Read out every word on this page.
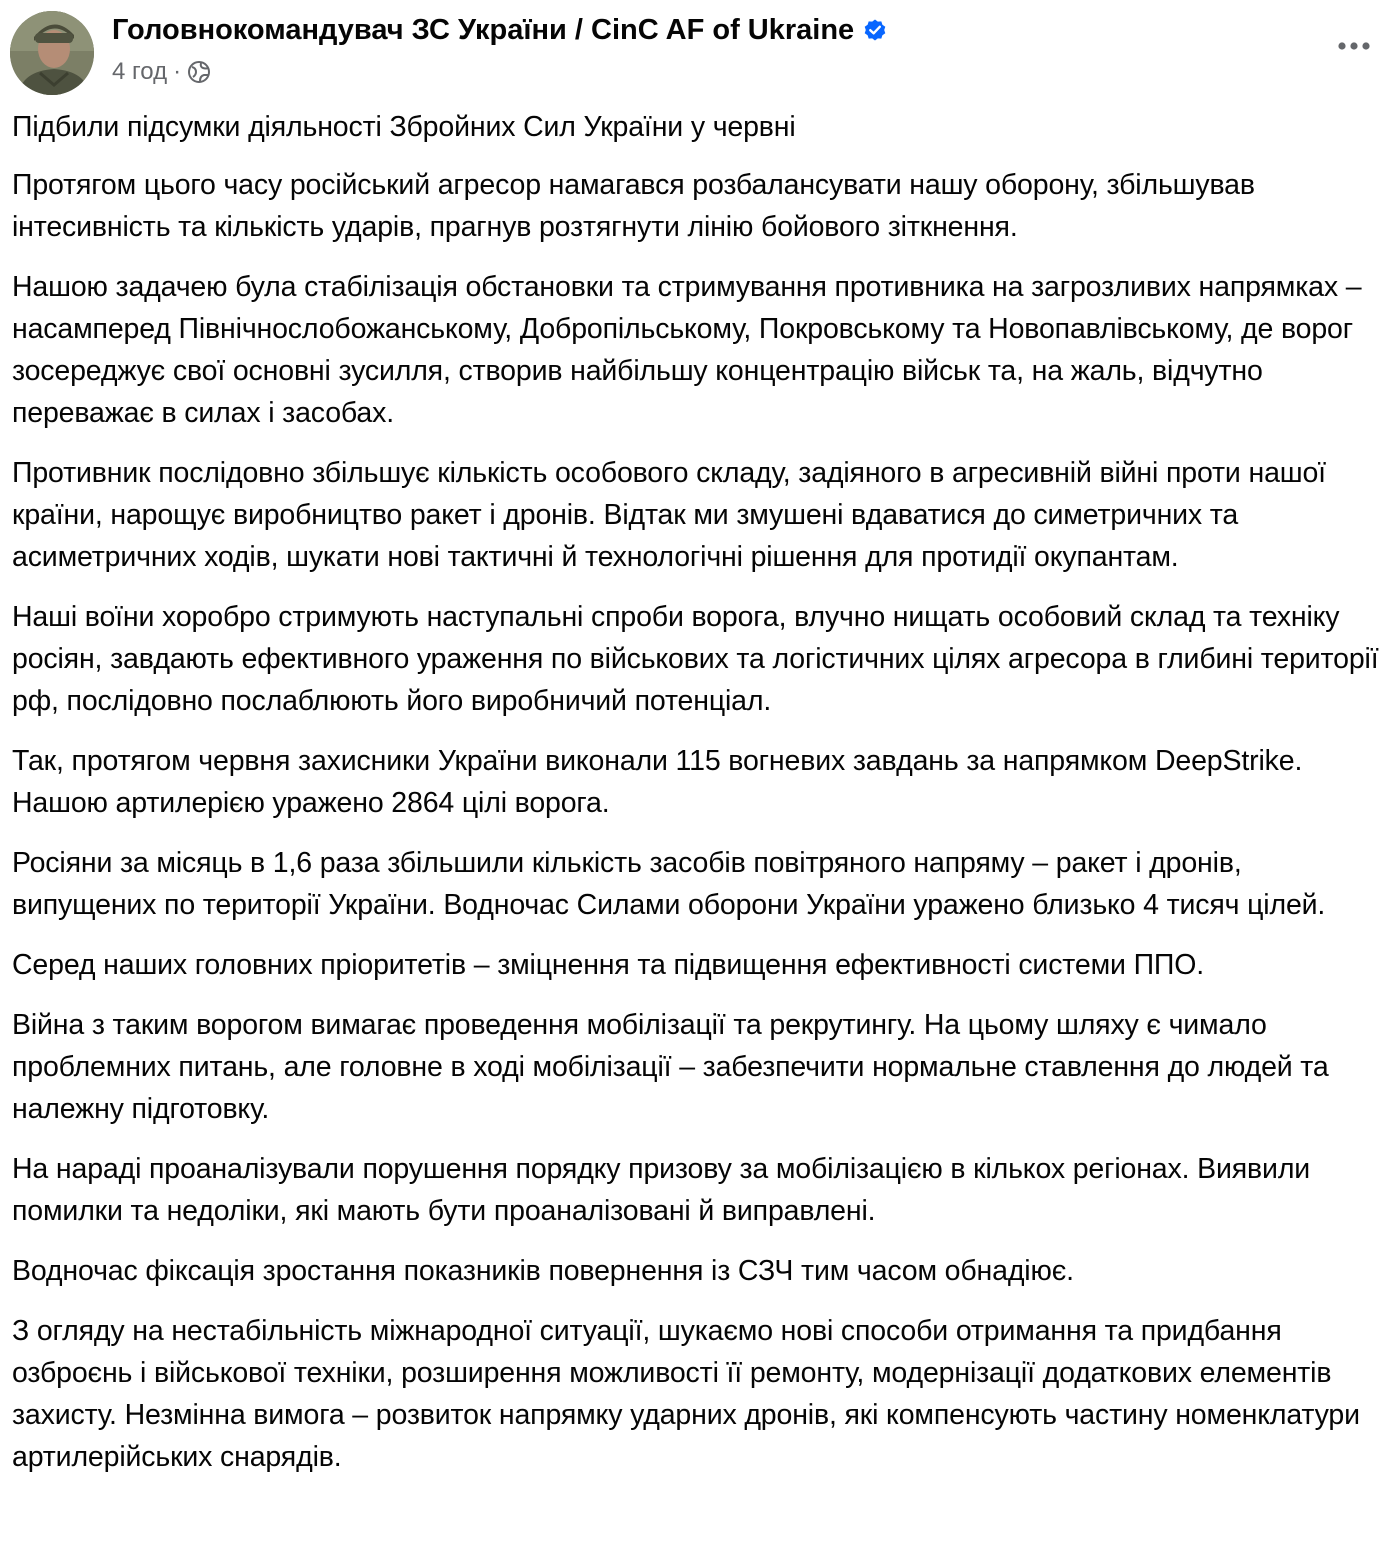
Головнокомандувач ЗС України / CinC AF of Ukraine
4 год ·

Підбили підсумки діяльності Збройних Сил України у червні

Протягом цього часу російський агресор намагався розбалансувати нашу оборону, збільшував інтесивність та кількість ударів, прагнув розтягнути лінію бойового зіткнення.

Нашою задачею була стабілізація обстановки та стримування противника на загрозливих напрямках – насамперед Північнослобожанському, Добропільському, Покровському та Новопавлівському, де ворог зосереджує свої основні зусилля, створив найбільшу концентрацію військ та, на жаль, відчутно переважає в силах і засобах.

Противник послідовно збільшує кількість особового складу, задіяного в агресивній війні проти нашої країни, нарощує виробництво ракет і дронів. Відтак ми змушені вдаватися до симетричних та асиметричних ходів, шукати нові тактичні й технологічні рішення для протидії окупантам.

Наші воїни хоробро стримують наступальні спроби ворога, влучно нищать особовий склад та техніку росіян, завдають ефективного ураження по військових та логістичних цілях агресора в глибині території рф, послідовно послаблюють його виробничий потенціал.

Так, протягом червня захисники України виконали 115 вогневих завдань за напрямком DeepStrike. Нашою артилерією уражено 2864 цілі ворога.

Росіяни за місяць в 1,6 раза збільшили кількість засобів повітряного напряму – ракет і дронів, випущених по території України. Водночас Силами оборони України уражено близько 4 тисяч цілей.

Серед наших головних пріоритетів – зміцнення та підвищення ефективності системи ППО.

Війна з таким ворогом вимагає проведення мобілізації та рекрутингу. На цьому шляху є чимало проблемних питань, але головне в ході мобілізації – забезпечити нормальне ставлення до людей та належну підготовку.

На нараді проаналізували порушення порядку призову за мобілізацією в кількох регіонах. Виявили помилки та недоліки, які мають бути проаналізовані й виправлені.

Водночас фіксація зростання показників повернення із СЗЧ тим часом обнадіює.

З огляду на нестабільність міжнародної ситуації, шукаємо нові способи отримання та придбання озброєнь і військової техніки, розширення можливості її ремонту, модернізації додаткових елементів захисту. Незмінна вимога – розвиток напрямку ударних дронів, які компенсують частину номенклатури артилерійських снарядів.
